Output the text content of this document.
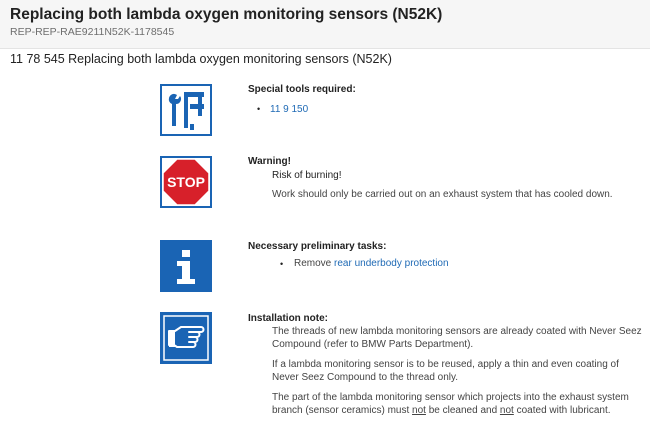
Replacing both lambda oxygen monitoring sensors (N52K)
REP-REP-RAE9211N52K-1178545
11 78 545 Replacing both lambda oxygen monitoring sensors (N52K)
Special tools required:
• 11 9 150
STOP
Warning!
Risk of burning!
Work should only be carried out on an exhaust system that has cooled down.
Necessary preliminary tasks:
• Remove rear underbody protection
Installation note:
The threads of new lambda monitoring sensors are already coated with Never Seez Compound (refer to BMW Parts Department).
If a lambda monitoring sensor is to be reused, apply a thin and even coating of Never Seez Compound to the thread only.
The part of the lambda monitoring sensor which projects into the exhaust system branch (sensor ceramics) must not be cleaned and not coated with lubricant.
